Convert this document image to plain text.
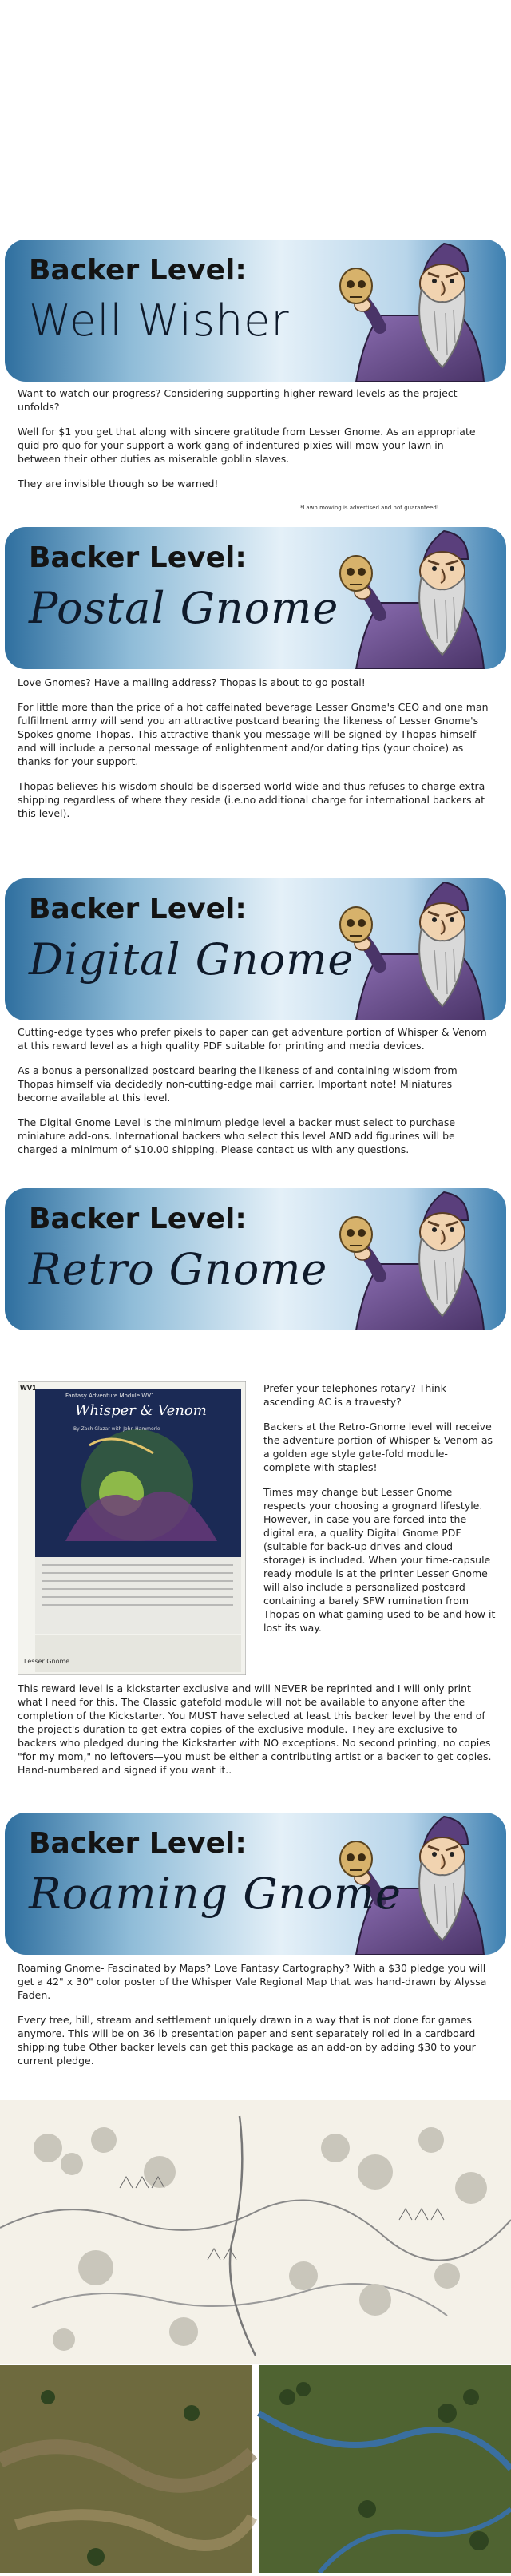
Backer Level:
Well Wisher

Want to watch our progress? Considering supporting higher reward levels as the project unfolds?

Well for $1 you get that along with sincere gratitude from Lesser Gnome. As an appropriate quid pro quo for your support a work gang of indentured pixies will mow your lawn in between their other duties as miserable goblin slaves.

They are invisible though so be warned!

*Lawn mowing is advertised and not guaranteed!
Backer Level:
Postal Gnome

Love Gnomes? Have a mailing address? Thopas is about to go postal!

For little more than the price of a hot caffeinated beverage Lesser Gnome's CEO and one man fulfillment army will send you an attractive postcard bearing the likeness of Lesser Gnome's Spokes-gnome Thopas. This attractive thank you message will be signed by Thopas himself and will include a personal message of enlightenment and/or dating tips (your choice) as thanks for your support.

Thopas believes his wisdom should be dispersed world-wide and thus refuses to charge extra shipping regardless of where they reside (i.e.no additional charge for international backers at this level).

Backer Level:
Digital Gnome

Cutting-edge types who prefer pixels to paper can get adventure portion of Whisper & Venom at this reward level as a high quality PDF suitable for printing and media devices.

As a bonus a personalized postcard bearing the likeness of and containing wisdom from Thopas himself via decidedly non-cutting-edge mail carrier. Important note! Miniatures become available at this level.

The Digital Gnome Level is the minimum pledge level a backer must select to purchase miniature add-ons. International backers who select this level AND add figurines will be charged a minimum of $10.00 shipping. Please contact us with any questions.

Backer Level:
Retro Gnome
WV1
Fantasy Adventure Module WV1
Whisper & Venom
By Zach Glazar with John Hammerle
Lesser Gnome

Prefer your telephones rotary? Think ascending AC is a travesty?

Backers at the Retro-Gnome level will receive the adventure portion of Whisper & Venom as a golden age style gate-fold module- complete with staples!

Times may change but Lesser Gnome respects your choosing a grognard lifestyle. However, in case you are forced into the digital era, a quality Digital Gnome PDF (suitable for back-up drives and cloud storage) is included. When your time-capsule ready module is at the printer Lesser Gnome will also include a personalized postcard containing a barely SFW rumination from Thopas on what gaming used to be and how it lost its way.

This reward level is a kickstarter exclusive and will NEVER be reprinted and I will only print what I need for this. The Classic gatefold module will not be available to anyone after the completion of the Kickstarter. You MUST have selected at least this backer level by the end of the project's duration to get extra copies of the exclusive module. They are exclusive to backers who pledged during the Kickstarter with NO exceptions. No second printing, no copies "for my mom," no leftovers—you must be either a contributing artist or a backer to get copies. Hand-numbered and signed if you want it..

Backer Level:
Roaming Gnome

Roaming Gnome- Fascinated by Maps? Love Fantasy Cartography? With a $30 pledge you will get a 42" x 30" color poster of the Whisper Vale Regional Map that was hand-drawn by Alyssa Faden.

Every tree, hill, stream and settlement uniquely drawn in a way that is not done for games anymore. This will be on 36 lb presentation paper and sent separately rolled in a cardboard shipping tube Other backer levels can get this package as an add-on by adding $30 to your current pledge.
